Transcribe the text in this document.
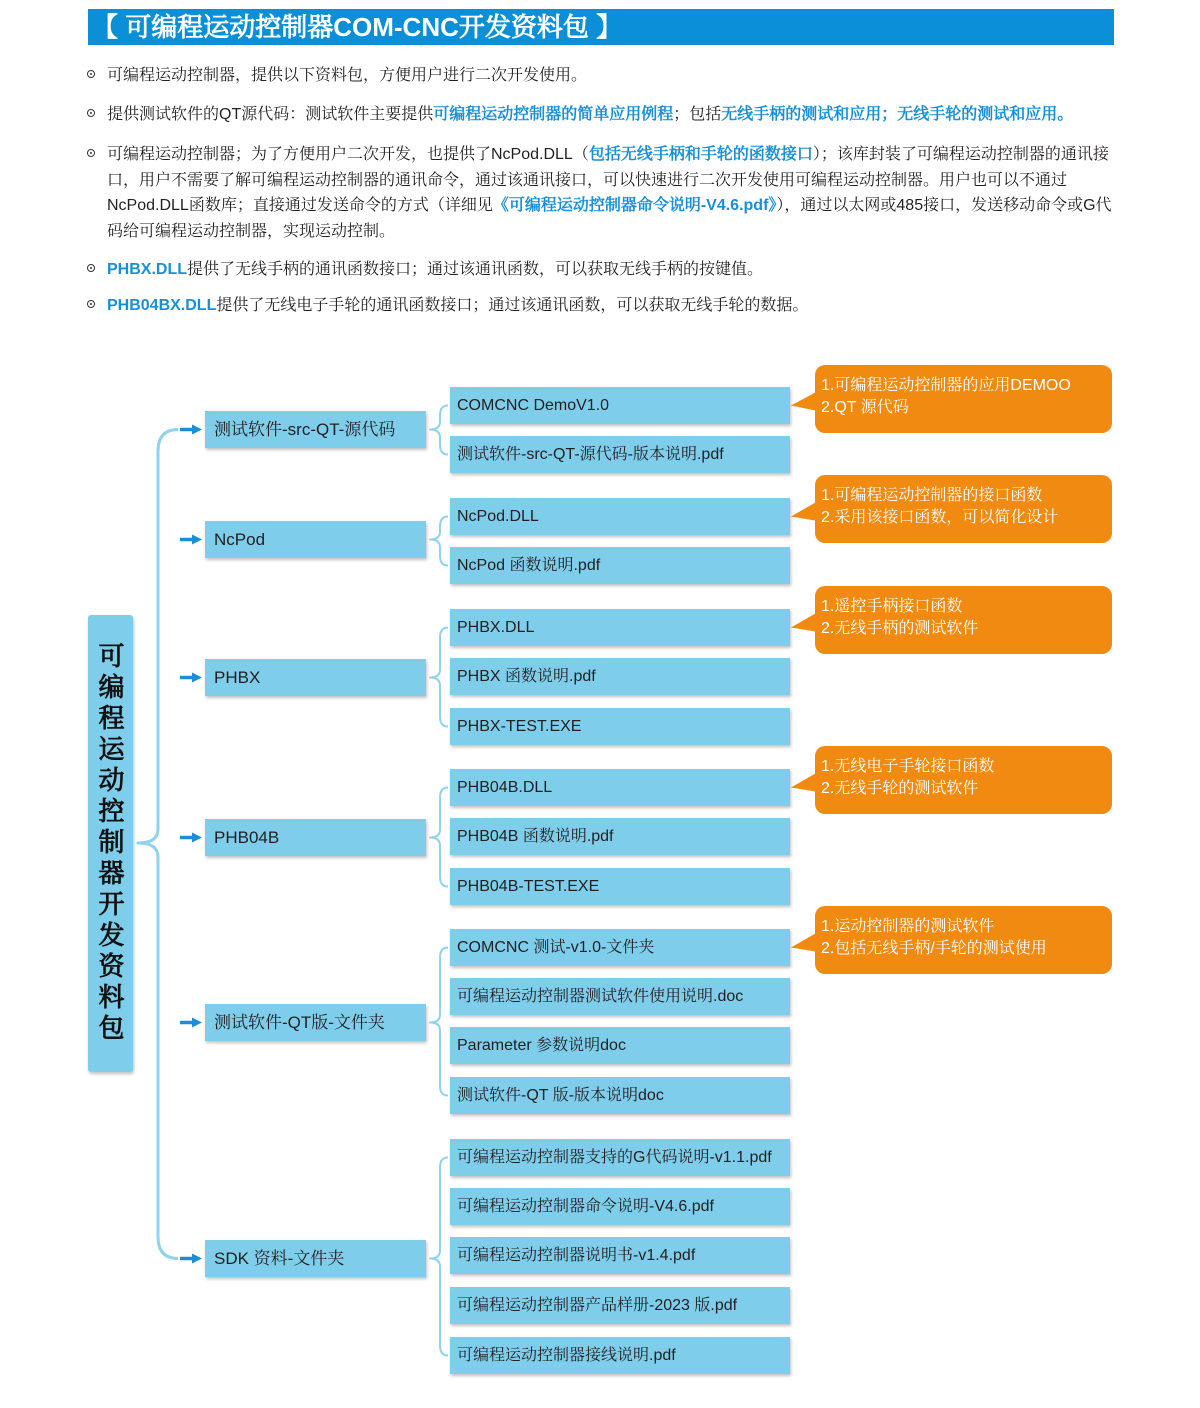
【 可编程运动控制器COM-CNC开发资料包 】
可编程运动控制器，提供以下资料包，方便用户进行二次开发使用。
提供测试软件的QT源代码：测试软件主要提供可编程运动控制器的简单应用例程；包括无线手柄的测试和应用；无线手轮的测试和应用。
可编程运动控制器；为了方便用户二次开发，也提供了NcPod.DLL（包括无线手柄和手轮的函数接口）；该库封装了可编程运动控制器的通讯接口，用户不需要了解可编程运动控制器的通讯命令，通过该通讯接口，可以快速进行二次开发使用可编程运动控制器。用户也可以不通过NcPod.DLL函数库；直接通过发送命令的方式（详细见《可编程运动控制器命令说明-V4.6.pdf》），通过以太网或485接口，发送移动命令或G代码给可编程运动控制器，实现运动控制。
PHBX.DLL提供了无线手柄的通讯函数接口；通过该通讯函数，可以获取无线手柄的按键值。
PHB04BX.DLL提供了无线电子手轮的通讯函数接口；通过该通讯函数，可以获取无线手轮的数据。
可编程运动控制器开发资料包
测试软件-src-QT-源代码
COMCNC DemoV1.0
测试软件-src-QT-源代码-版本说明.pdf
1.可编程运动控制器的应用DEMOO
2.QT 源代码
NcPod
NcPod.DLL
NcPod 函数说明.pdf
1.可编程运动控制器的接口函数
2.采用该接口函数，可以简化设计
PHBX
PHBX.DLL
PHBX 函数说明.pdf
PHBX-TEST.EXE
1.遥控手柄接口函数
2.无线手柄的测试软件
PHB04B
PHB04B.DLL
PHB04B 函数说明.pdf
PHB04B-TEST.EXE
1.无线电子手轮接口函数
2.无线手轮的测试软件
测试软件-QT版-文件夹
COMCNC 测试-v1.0-文件夹
可编程运动控制器测试软件使用说明.doc
Parameter 参数说明doc
测试软件-QT 版-版本说明doc
1.运动控制器的测试软件
2.包括无线手柄/手轮的测试使用
SDK 资料-文件夹
可编程运动控制器支持的G代码说明-v1.1.pdf
可编程运动控制器命令说明-V4.6.pdf
可编程运动控制器说明书-v1.4.pdf
可编程运动控制器产品样册-2023 版.pdf
可编程运动控制器接线说明.pdf
